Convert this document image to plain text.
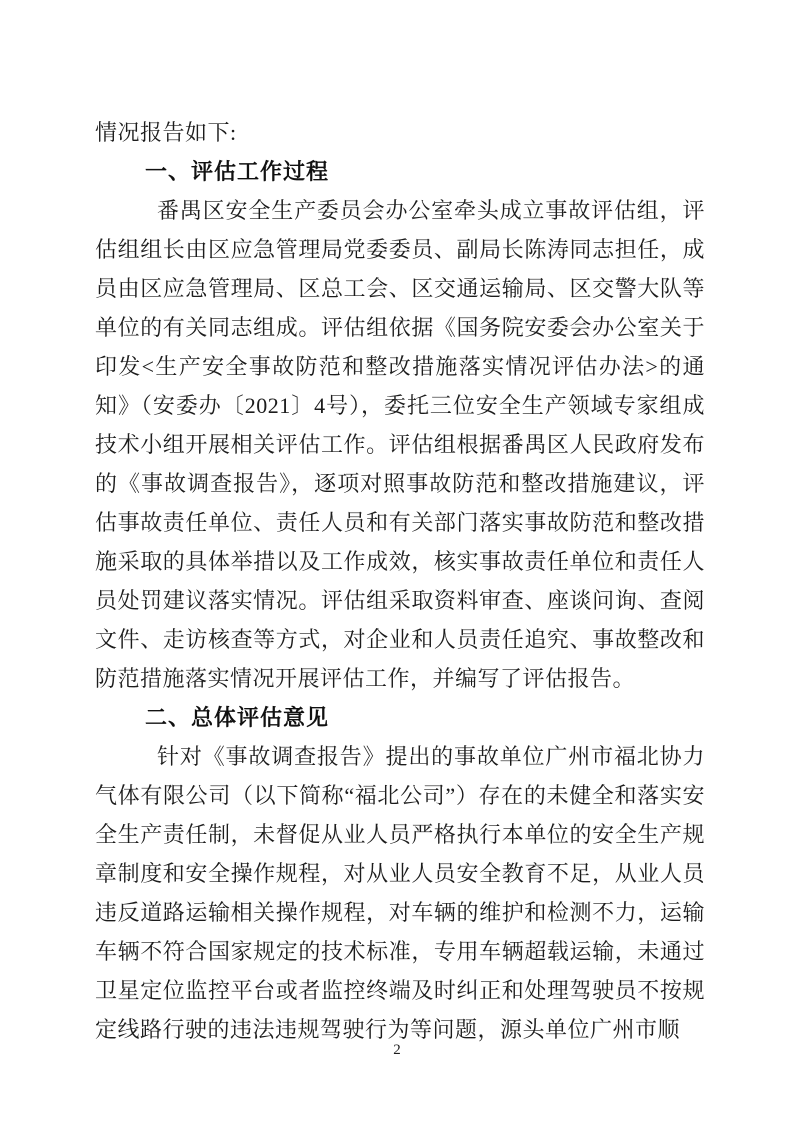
情况报告如下:

一、评估工作过程

番禺区安全生产委员会办公室牵头成立事故评估组，评估组组长由区应急管理局党委委员、副局长陈涛同志担任，成员由区应急管理局、区总工会、区交通运输局、区交警大队等单位的有关同志组成。评估组依据《国务院安委会办公室关于印发<生产安全事故防范和整改措施落实情况评估办法>的通知》（安委办〔2021〕4号），委托三位安全生产领域专家组成技术小组开展相关评估工作。评估组根据番禺区人民政府发布的《事故调查报告》，逐项对照事故防范和整改措施建议，评估事故责任单位、责任人员和有关部门落实事故防范和整改措施采取的具体举措以及工作成效，核实事故责任单位和责任人员处罚建议落实情况。评估组采取资料审查、座谈问询、查阅文件、走访核查等方式，对企业和人员责任追究、事故整改和防范措施落实情况开展评估工作，并编写了评估报告。

二、总体评估意见

针对《事故调查报告》提出的事故单位广州市福北协力气体有限公司（以下简称“福北公司”）存在的未健全和落实安全生产责任制，未督促从业人员严格执行本单位的安全生产规章制度和安全操作规程，对从业人员安全教育不足，从业人员违反道路运输相关操作规程，对车辆的维护和检测不力，运输车辆不符合国家规定的技术标准，专用车辆超载运输，未通过卫星定位监控平台或者监控终端及时纠正和处理驾驶员不按规定线路行驶的违法违规驾驶行为等问题，源头单位广州市顺

2
